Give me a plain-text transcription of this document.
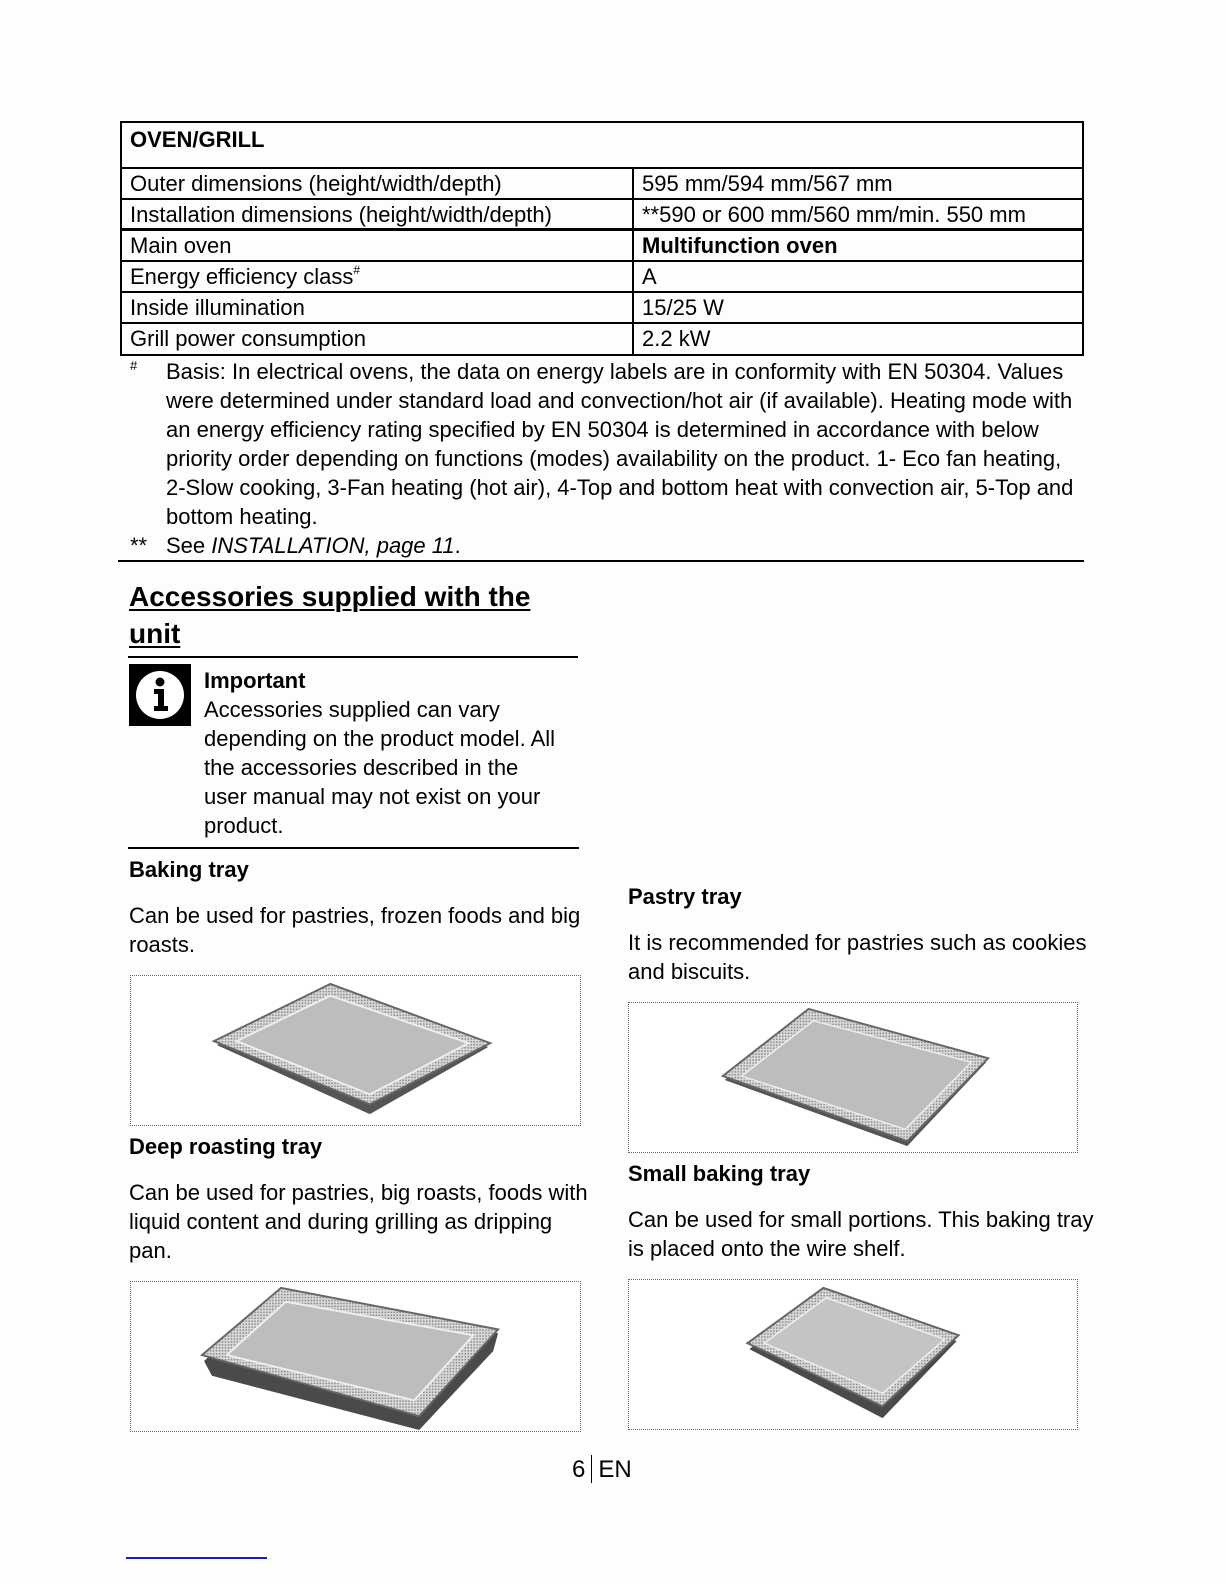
OVEN/GRILL
Outer dimensions (height/width/depth)	595 mm/594 mm/567 mm
Installation dimensions (height/width/depth)	**590 or 600 mm/560 mm/min. 550 mm
Main oven	Multifunction oven
Energy efficiency class#	A
Inside illumination	15/25 W
Grill power consumption	2.2 kW
#	Basis: In electrical ovens, the data on energy labels are in conformity with EN 50304. Values were determined under standard load and convection/hot air (if available). Heating mode with an energy efficiency rating specified by EN 50304 is determined in accordance with below priority order depending on functions (modes) availability on the product. 1- Eco fan heating, 2-Slow cooking, 3-Fan heating (hot air), 4-Top and bottom heat with convection air, 5-Top and bottom heating.
** See INSTALLATION, page 11.
Accessories supplied with the unit
Important
Accessories supplied can vary depending on the product model. All the accessories described in the user manual may not exist on your product.
Baking tray
Can be used for pastries, frozen foods and big roasts.
Deep roasting tray
Can be used for pastries, big roasts, foods with liquid content and during grilling as dripping pan.
Pastry tray
It is recommended for pastries such as cookies and biscuits.
Small baking tray
Can be used for small portions. This baking tray is placed onto the wire shelf.
6 EN
